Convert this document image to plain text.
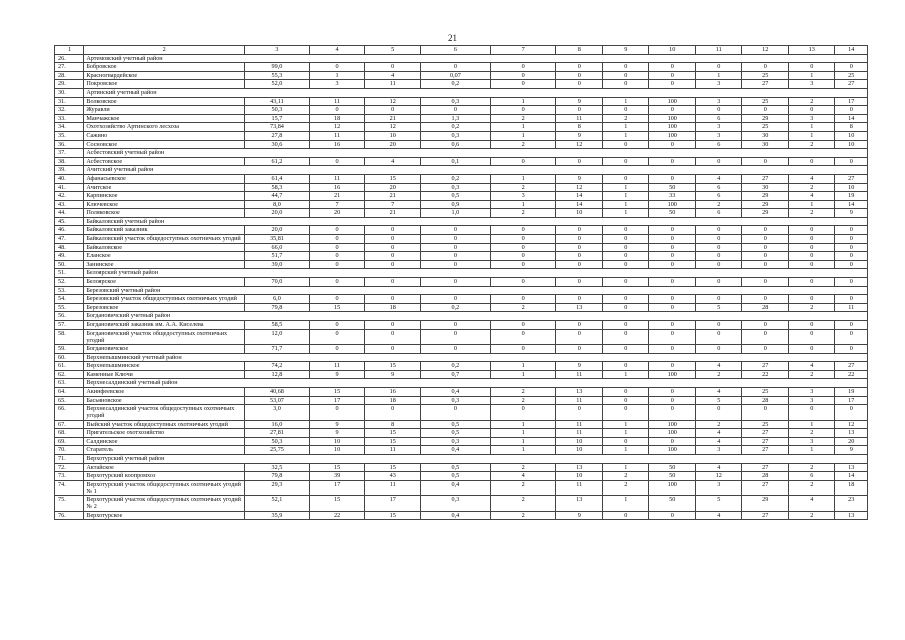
21
1	2	3	4	5	6	7	8	9	10	11	12	13	14
26.	Артемовский учетный район												
27.	Бобровское	99,0	0	0	0	0	0	0	0	0	0	0	0
28.	Красногвардейское	55,3	1	4	0,07	0	0	0	0	1	25	1	25
29.	Покровское	52,0	3	11	0,2	0	0	0	0	3	27	3	27
30.	Артинский учетный район												
31.	Волковское	43,11	11	12	0,3	1	9	1	100	3	25	2	17
32.	Журавли	50,3	0	0	0	0	0	0	0	0	0	0	0
33.	Манчажское	15,7	18	21	1,3	2	11	2	100	6	29	3	14
34.	Охотхозяйство Артинского лесхоза	73,84	12	12	0,2	1	8	1	100	3	25	1	8
35.	Сажино	27,8	11	10	0,3	1	9	1	100	3	30	1	10
36.	Сосновское	30,6	16	20	0,6	2	12	0	0	6	30	2	10
37.	Асбестовский учетный район												
38.	Асбестовское	61,2	0	4	0,1	0	0	0	0	0	0	0	0
39.	Ачитский учетный район												
40.	Афанасьевское	61,4	11	15	0,2	1	9	0	0	4	27	4	27
41.	Ачитское	58,3	16	20	0,3	2	12	1	50	6	30	2	10
42.	Карпинское	44,7	21	21	0,5	3	14	1	33	6	29	4	19
43.	Ключевское	8,0	7	7	0,9	1	14	1	100	2	29	1	14
44.	Поляковское	20,0	20	21	1,0	2	10	1	50	6	29	2	9
45.	Байкаловский учетный район												
46.	Байкаловский заказник	20,0	0	0	0	0	0	0	0	0	0	0	0
47.	Байкаловский участок общедоступных охотничьих угодий	35,81	0	0	0	0	0	0	0	0	0	0	0
48.	Байкаловское	66,0	0	0	0	0	0	0	0	0	0	0	0
49.	Еланское	51,7	0	0	0	0	0	0	0	0	0	0	0
50.	Занинское	39,0	0	0	0	0	0	0	0	0	0	0	0
51.	Белоярский учетный район												
52.	Белоярское	70,0	0	0	0	0	0	0	0	0	0	0	0
53.	Березовский учетный район												
54.	Березовский участок общедоступных охотничьих угодий	6,0	0	0	0	0	0	0	0	0	0	0	0
55.	Березовское	79,8	15	18	0,2	2	13	0	0	5	28	2	11
56.	Богдановичский учетный район												
57.	Богдановичский заказник им. А.А. Киселева	58,5	0	0	0	0	0	0	0	0	0	0	0
58.	Богдановичский участок общедоступных охотничьих угодий	12,0	0	0	0	0	0	0	0	0	0	0	0
59.	Богдановичское	71,7	0	0	0	0	0	0	0	0	0	0	0
60.	Верхнепышминский учетный район												
61.	Верхнепышминское	74,2	11	15	0,2	1	9	0	0	4	27	4	27
62.	Каменные Ключи	12,8	9	9	0,7	1	11	1	100	2	22	2	22
63.	Верхнесалдинский учетный район												
64.	Акинфеевское	40,68	15	16	0,4	2	13	0	0	4	25	3	19
65.	Басьяновское	53,07	17	18	0,3	2	11	0	0	5	28	3	17
66.	Верхнесалдинский участок общедоступных охотничьих угодий	3,0	0	0	0	0	0	0	0	0	0	0	0
67.	Выйский участок общедоступных охотничьих угодий	16,0	9	8	0,5	1	11	1	100	2	25	1	12
68.	Пригательское охотхозяйство	27,81	9	15	0,5	1	11	1	100	4	27	2	13
69.	Салдинское	50,3	10	15	0,3	1	10	0	0	4	27	3	20
70.	Старатель	25,75	10	11	0,4	1	10	1	100	3	27	1	9
71.	Верхотурский учетный район												
72.	Актайское	32,5	15	15	0,5	2	13	1	50	4	27	2	13
73.	Верхотурский коопромхоз	79,8	39	43	0,5	4	10	2	50	12	28	6	14
74.	Верхотурский участок общедоступных охотничьих угодий № 1	29,3	17	11	0,4	2	11	2	100	3	27	2	18
75.	Верхотурский участок общедоступных охотничьих угодий № 2	52,1	15	17	0,3	2	13	1	50	5	29	4	23
76.	Верхотурское	35,9	22	15	0,4	2	9	0	0	4	27	2	13
